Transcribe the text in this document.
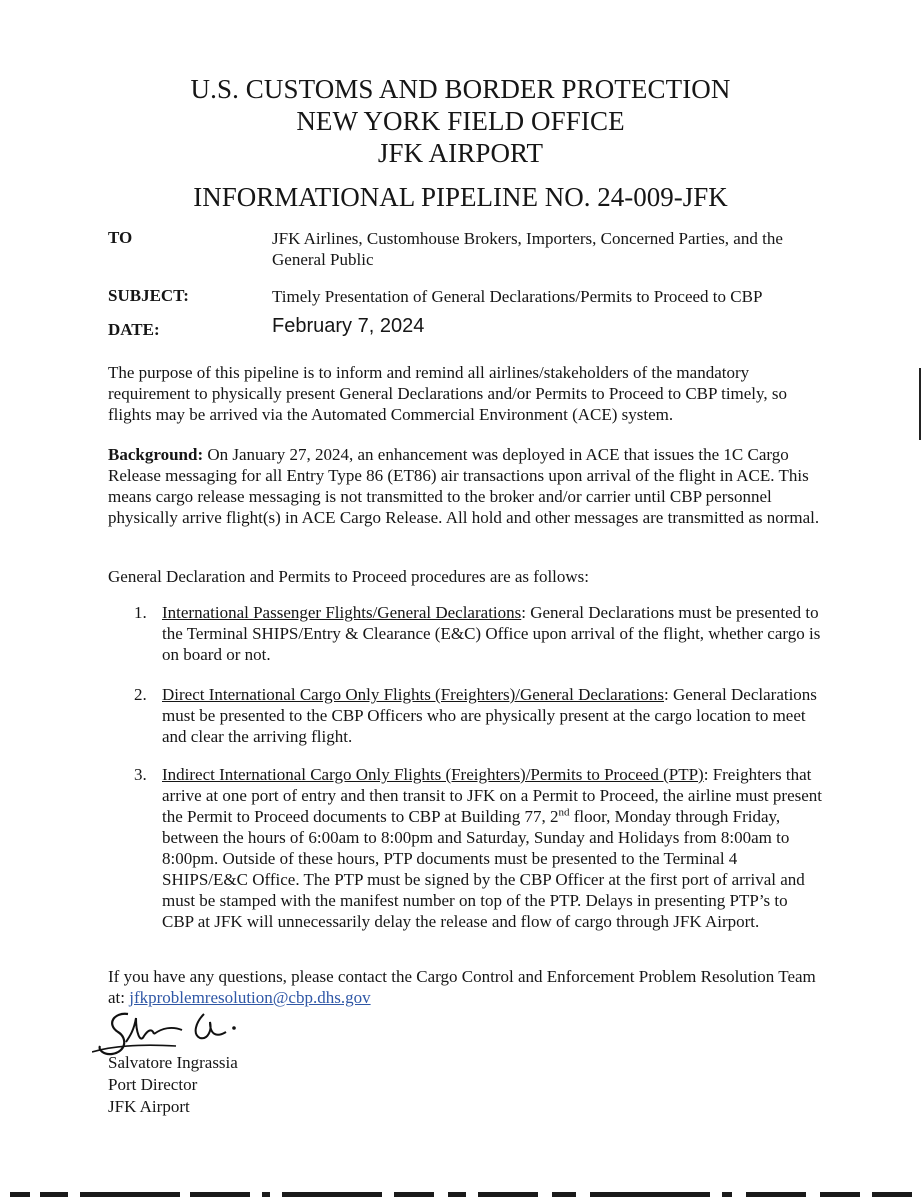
U.S. CUSTOMS AND BORDER PROTECTION
NEW YORK FIELD OFFICE
JFK AIRPORT
INFORMATIONAL PIPELINE NO. 24-009-JFK
TO	JFK Airlines, Customhouse Brokers, Importers, Concerned Parties, and the General Public
SUBJECT:	Timely Presentation of General Declarations/Permits to Proceed to CBP
DATE:	February 7, 2024

The purpose of this pipeline is to inform and remind all airlines/stakeholders of the mandatory requirement to physically present General Declarations and/or Permits to Proceed to CBP timely, so flights may be arrived via the Automated Commercial Environment (ACE) system.

Background: On January 27, 2024, an enhancement was deployed in ACE that issues the 1C Cargo Release messaging for all Entry Type 86 (ET86) air transactions upon arrival of the flight in ACE. This means cargo release messaging is not transmitted to the broker and/or carrier until CBP personnel physically arrive flight(s) in ACE Cargo Release. All hold and other messages are transmitted as normal.

General Declaration and Permits to Proceed procedures are as follows:

1. International Passenger Flights/General Declarations: General Declarations must be presented to the Terminal SHIPS/Entry & Clearance (E&C) Office upon arrival of the flight, whether cargo is on board or not.

2. Direct International Cargo Only Flights (Freighters)/General Declarations: General Declarations must be presented to the CBP Officers who are physically present at the cargo location to meet and clear the arriving flight.

3. Indirect International Cargo Only Flights (Freighters)/Permits to Proceed (PTP): Freighters that arrive at one port of entry and then transit to JFK on a Permit to Proceed, the airline must present the Permit to Proceed documents to CBP at Building 77, 2nd floor, Monday through Friday, between the hours of 6:00am to 8:00pm and Saturday, Sunday and Holidays from 8:00am to 8:00pm. Outside of these hours, PTP documents must be presented to the Terminal 4 SHIPS/E&C Office. The PTP must be signed by the CBP Officer at the first port of arrival and must be stamped with the manifest number on top of the PTP. Delays in presenting PTP’s to CBP at JFK will unnecessarily delay the release and flow of cargo through JFK Airport.

If you have any questions, please contact the Cargo Control and Enforcement Problem Resolution Team at: jfkproblemresolution@cbp.dhs.gov

Salvatore Ingrassia
Port Director
JFK Airport
